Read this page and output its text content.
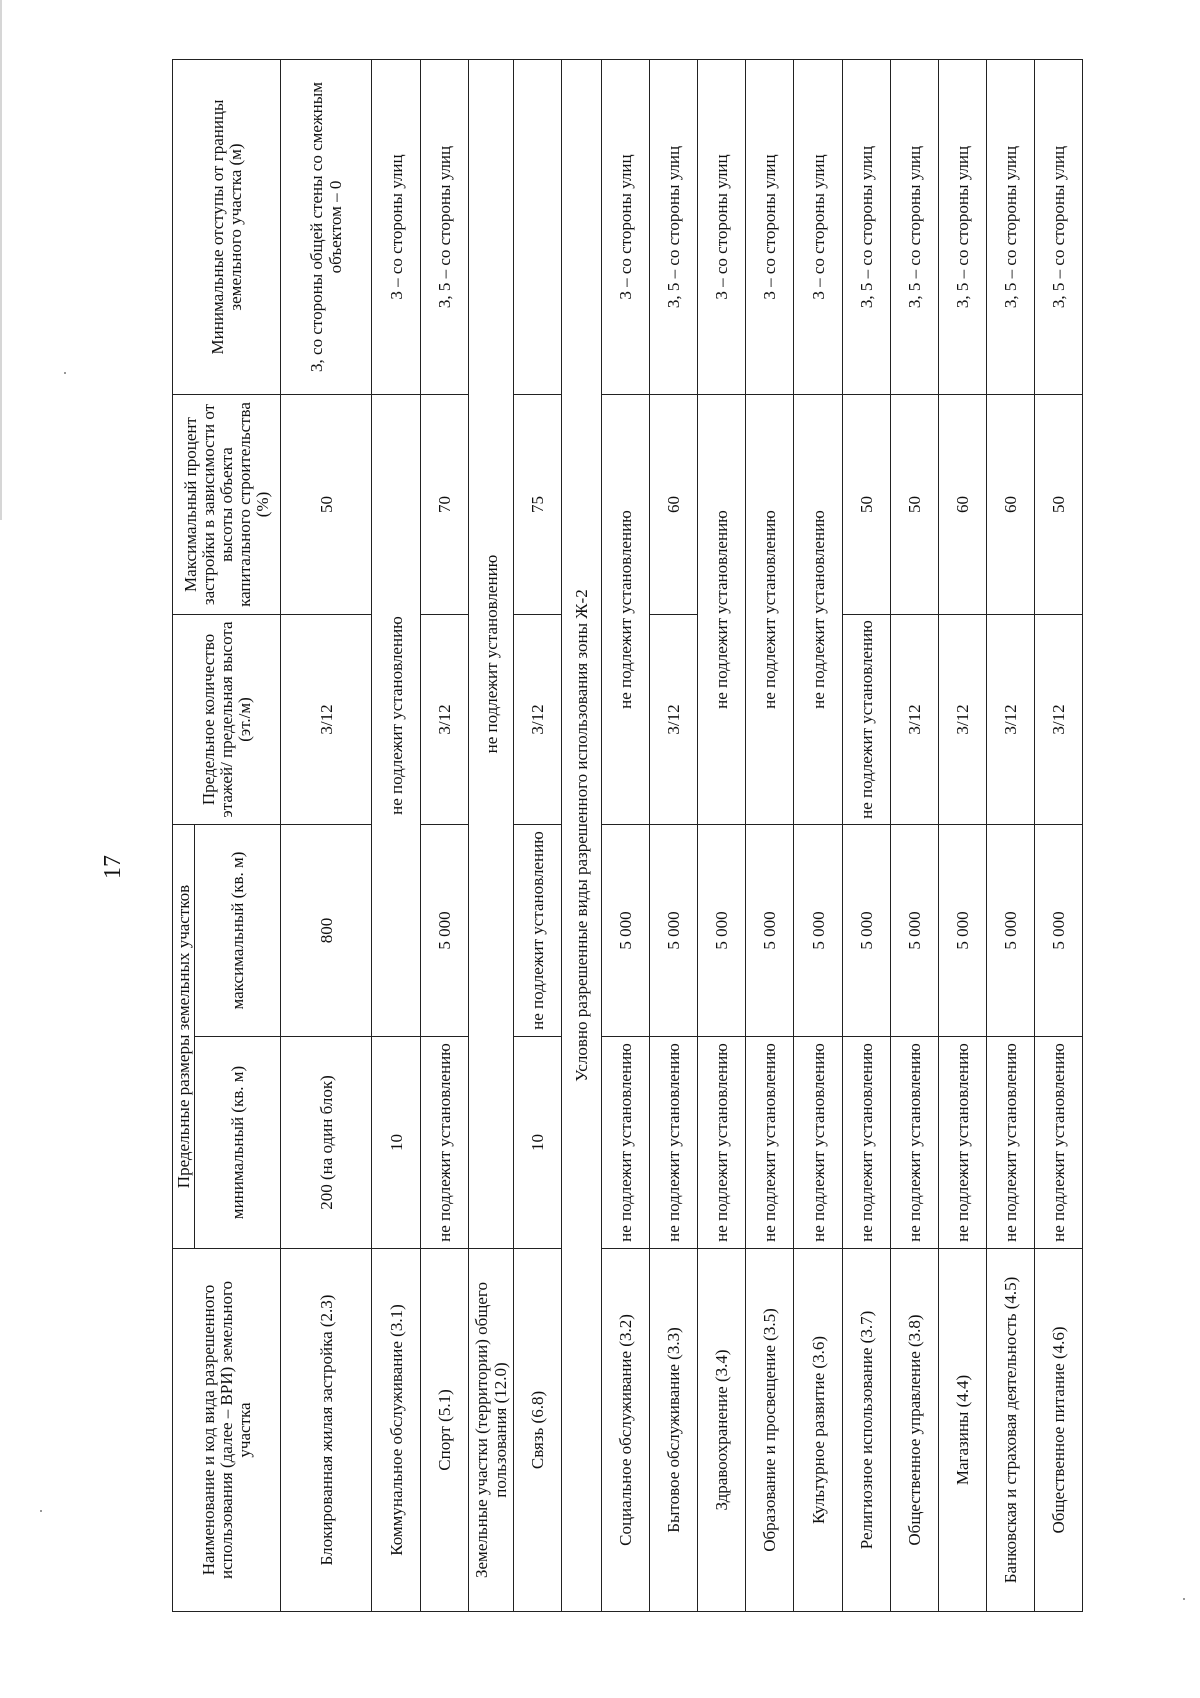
17
Наименование и код вида разрешенного использования (далее – ВРИ) земельного участка	Предельные размеры земельных участков		Предельное количество этажей/ предельная высота (эт./м)	Максимальный процент застройки в зависимости от высоты объекта капитального строительства (%)	Минимальные отступы от границы земельного участка (м)
	минимальный (кв. м)	максимальный (кв. м)			
Блокированная жилая застройка (2.3)	200 (на один блок)	800	3/12	50	3, со стороны общей стены со смежным объектом – 0
Коммунальное обслуживание (3.1)	10	не подлежит установлению			3 – со стороны улиц
Спорт (5.1)	не подлежит установлению	5 000	3/12	70	3, 5 – со стороны улиц
Земельные участки (территории) общего пользования (12.0)	не подлежит установлению				
Связь (6.8)	10	не подлежит установлению	3/12	75	
Условно разрешенные виды разрешенного использования зоны Ж-2					
Социальное обслуживание (3.2)	не подлежит установлению	5 000	не подлежит установлению		3 – со стороны улиц
Бытовое обслуживание (3.3)	не подлежит установлению	5 000	3/12	60	3, 5 – со стороны улиц
Здравоохранение (3.4)	не подлежит установлению	5 000	не подлежит установлению		3 – со стороны улиц
Образование и просвещение (3.5)	не подлежит установлению	5 000	не подлежит установлению		3 – со стороны улиц
Культурное развитие (3.6)	не подлежит установлению	5 000	не подлежит установлению		3 – со стороны улиц
Религиозное использование (3.7)	не подлежит установлению	5 000	не подлежит установлению	50	3, 5 – со стороны улиц
Общественное управление (3.8)	не подлежит установлению	5 000	3/12	50	3, 5 – со стороны улиц
Магазины (4.4)	не подлежит установлению	5 000	3/12	60	3, 5 – со стороны улиц
Банковская и страховая деятельность (4.5)	не подлежит установлению	5 000	3/12	60	3, 5 – со стороны улиц
Общественное питание (4.6)	не подлежит установлению	5 000	3/12	50	3, 5 – со стороны улиц
